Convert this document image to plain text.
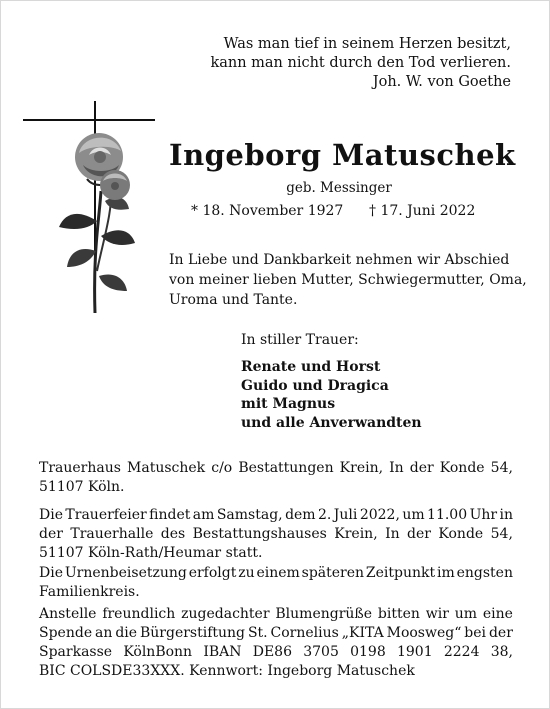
Was man tief in seinem Herzen besitzt,
kann man nicht durch den Tod verlieren.
Joh. W. von Goethe
Ingeborg Matuschek
geb. Messinger
* 18. November 1927 † 17. Juni 2022
In Liebe und Dankbarkeit nehmen wir Abschied
von meiner lieben Mutter, Schwiegermutter, Oma,
Uroma und Tante.
In stiller Trauer:
Renate und Horst
Guido und Dragica
mit Magnus
und alle Anverwandten
Trauerhaus Matuschek c/o Bestattungen Krein, In der Konde 54,
51107 Köln.
Die Trauerfeier findet am Samstag, dem 2. Juli 2022, um 11.00 Uhr in
der Trauerhalle des Bestattungshauses Krein, In der Konde 54,
51107 Köln-Rath/Heumar statt.
Die Urnenbeisetzung erfolgt zu einem späteren Zeitpunkt im engsten
Familienkreis.
Anstelle freundlich zugedachter Blumengrüße bitten wir um eine
Spende an die Bürgerstiftung St. Cornelius „KITA Moosweg“ bei der
Sparkasse KölnBonn IBAN DE86 3705 0198 1901 2224 38,
BIC COLSDE33XXX. Kennwort: Ingeborg Matuschek
